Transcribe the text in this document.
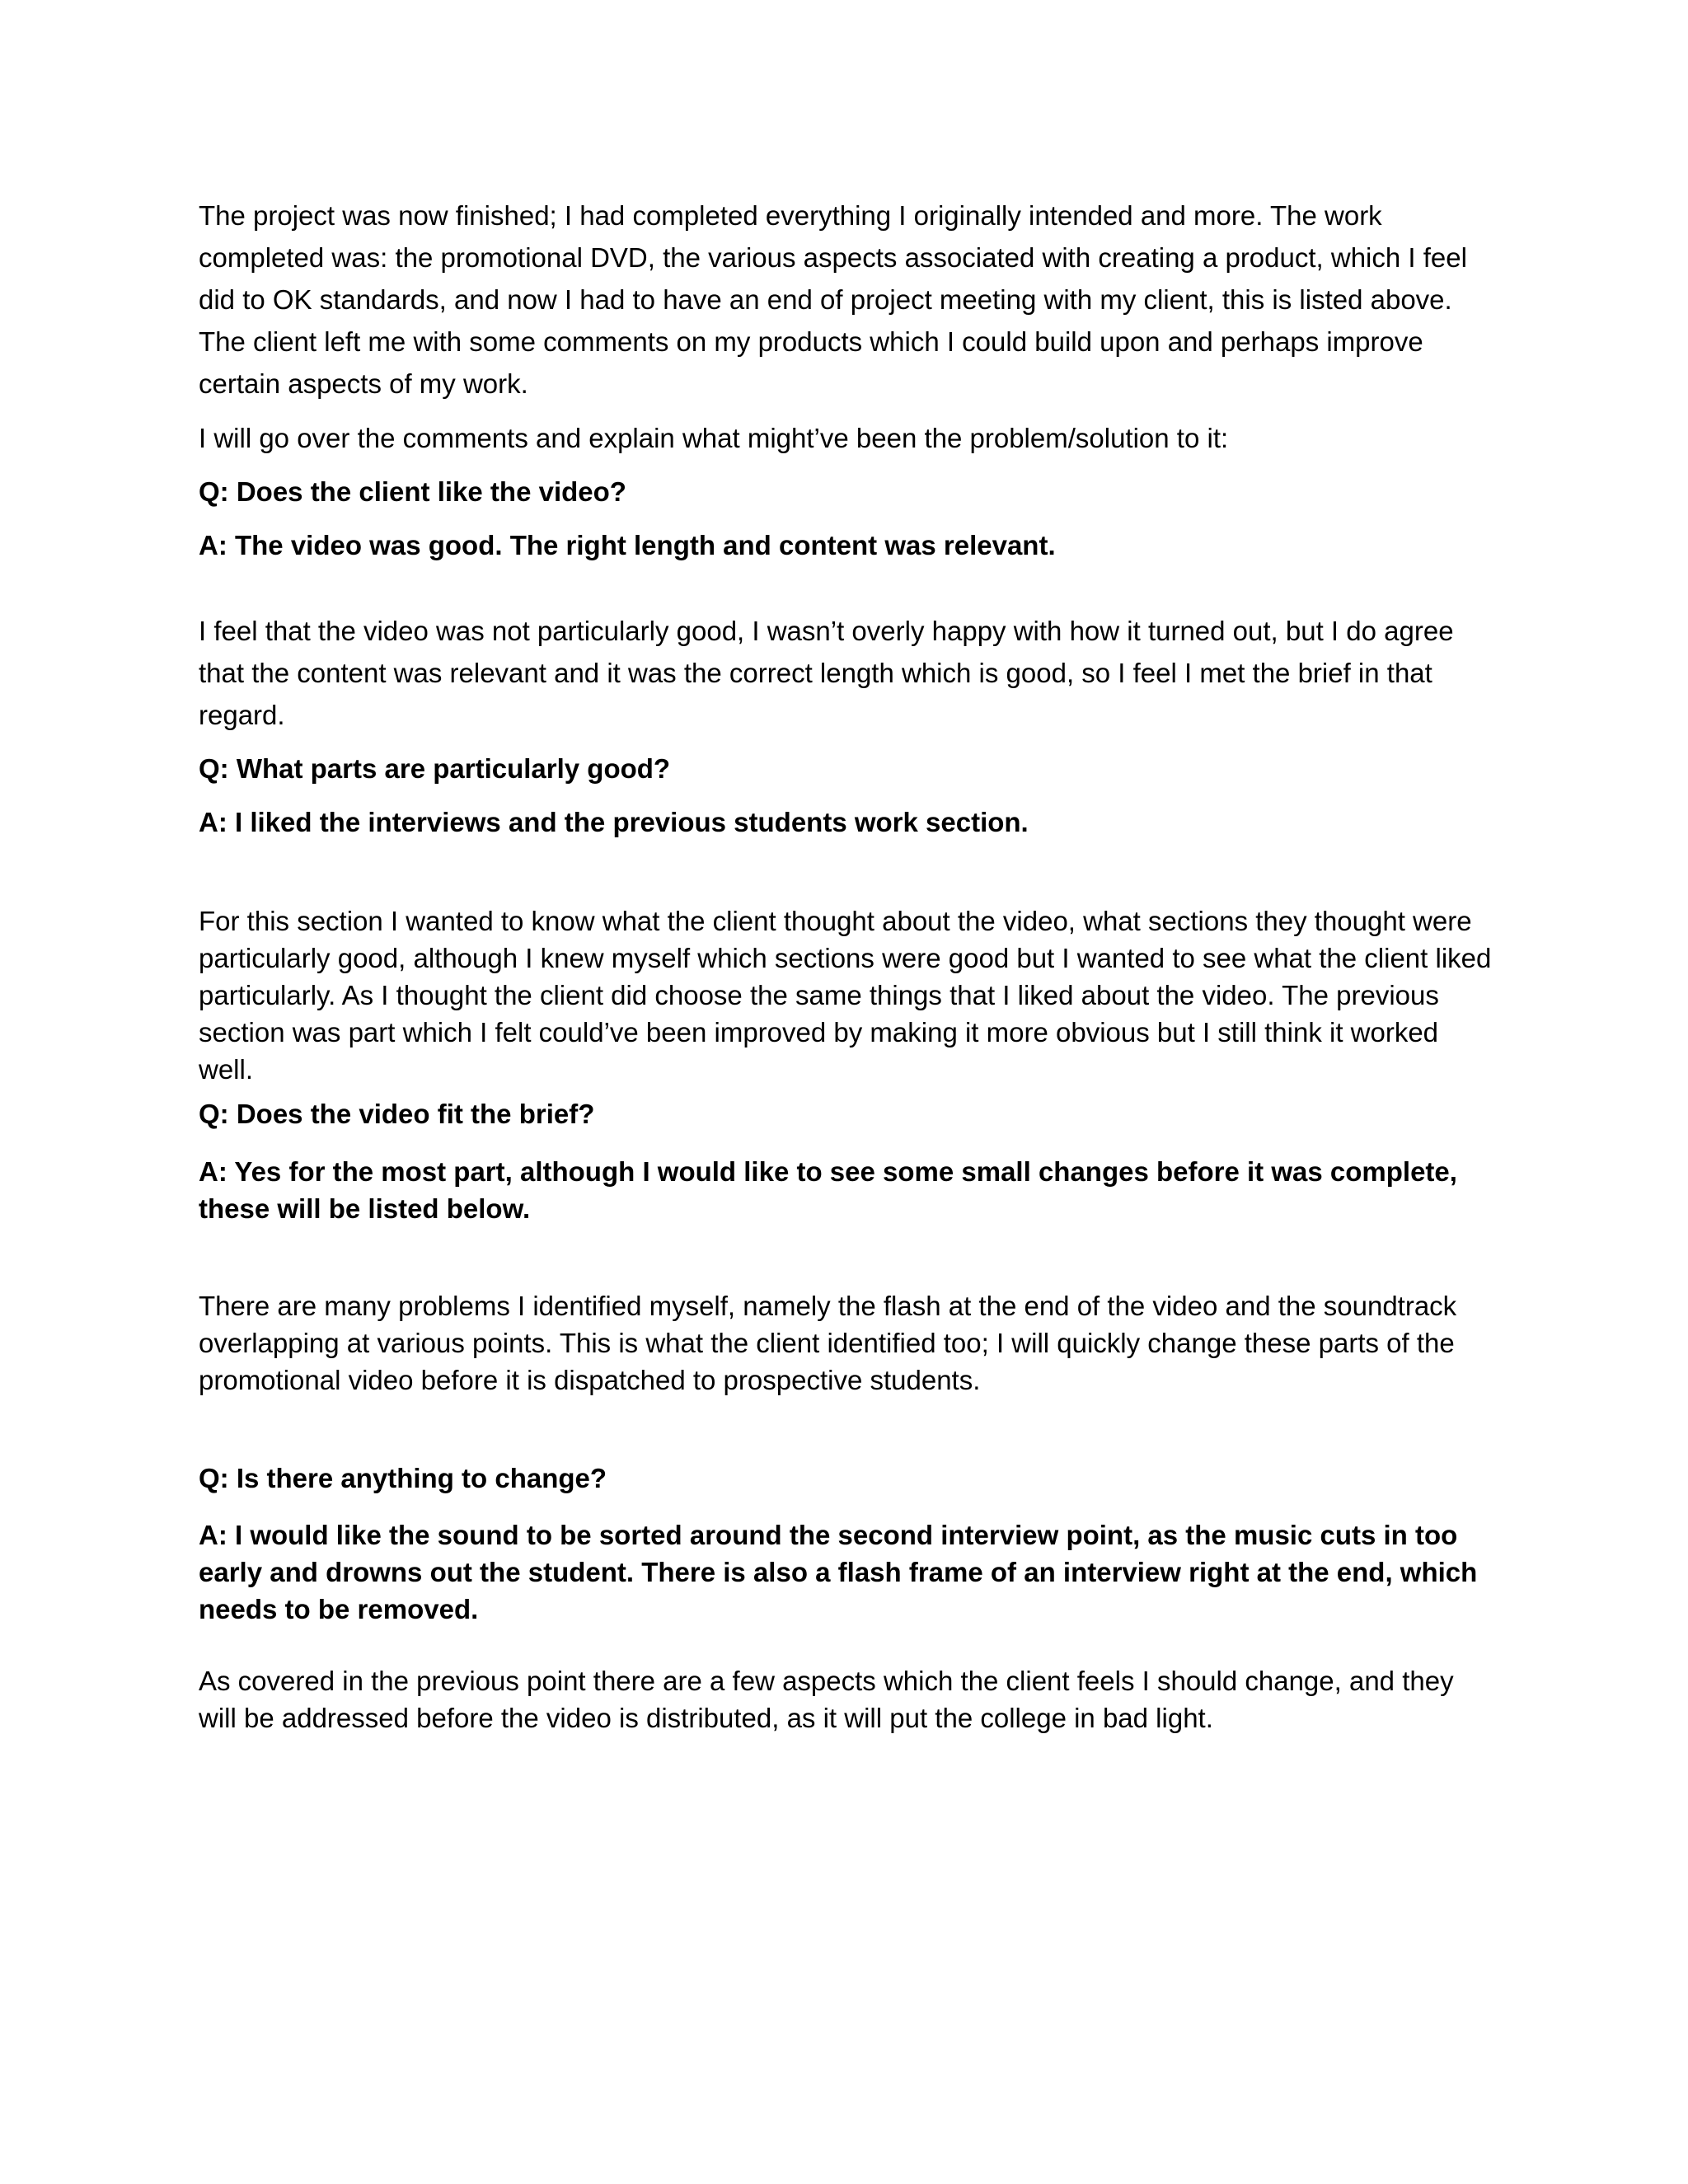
The project was now finished; I had completed everything I originally intended and more. The work completed was: the promotional DVD, the various aspects associated with creating a product, which I feel did to OK standards, and now I had to have an end of project meeting with my client, this is listed above. The client left me with some comments on my products which I could build upon and perhaps improve certain aspects of my work.

I will go over the comments and explain what might’ve been the problem/solution to it:

Q: Does the client like the video?

A: The video was good. The right length and content was relevant.

I feel that the video was not particularly good, I wasn’t overly happy with how it turned out, but I do agree that the content was relevant and it was the correct length which is good, so I feel I met the brief in that regard.

Q: What parts are particularly good?

A: I liked the interviews and the previous students work section.

For this section I wanted to know what the client thought about the video, what sections they thought were particularly good, although I knew myself which sections were good but I wanted to see what the client liked particularly. As I thought the client did choose the same things that I liked about the video. The previous section was part which I felt could’ve been improved by making it more obvious but I still think it worked well.

Q: Does the video fit the brief?

A: Yes for the most part, although I would like to see some small changes before it was complete, these will be listed below.

There are many problems I identified myself, namely the flash at the end of the video and the soundtrack overlapping at various points. This is what the client identified too; I will quickly change these parts of the promotional video before it is dispatched to prospective students.

Q: Is there anything to change?

A: I would like the sound to be sorted around the second interview point, as the music cuts in too early and drowns out the student. There is also a flash frame of an interview right at the end, which needs to be removed.

As covered in the previous point there are a few aspects which the client feels I should change, and they will be addressed before the video is distributed, as it will put the college in bad light.
